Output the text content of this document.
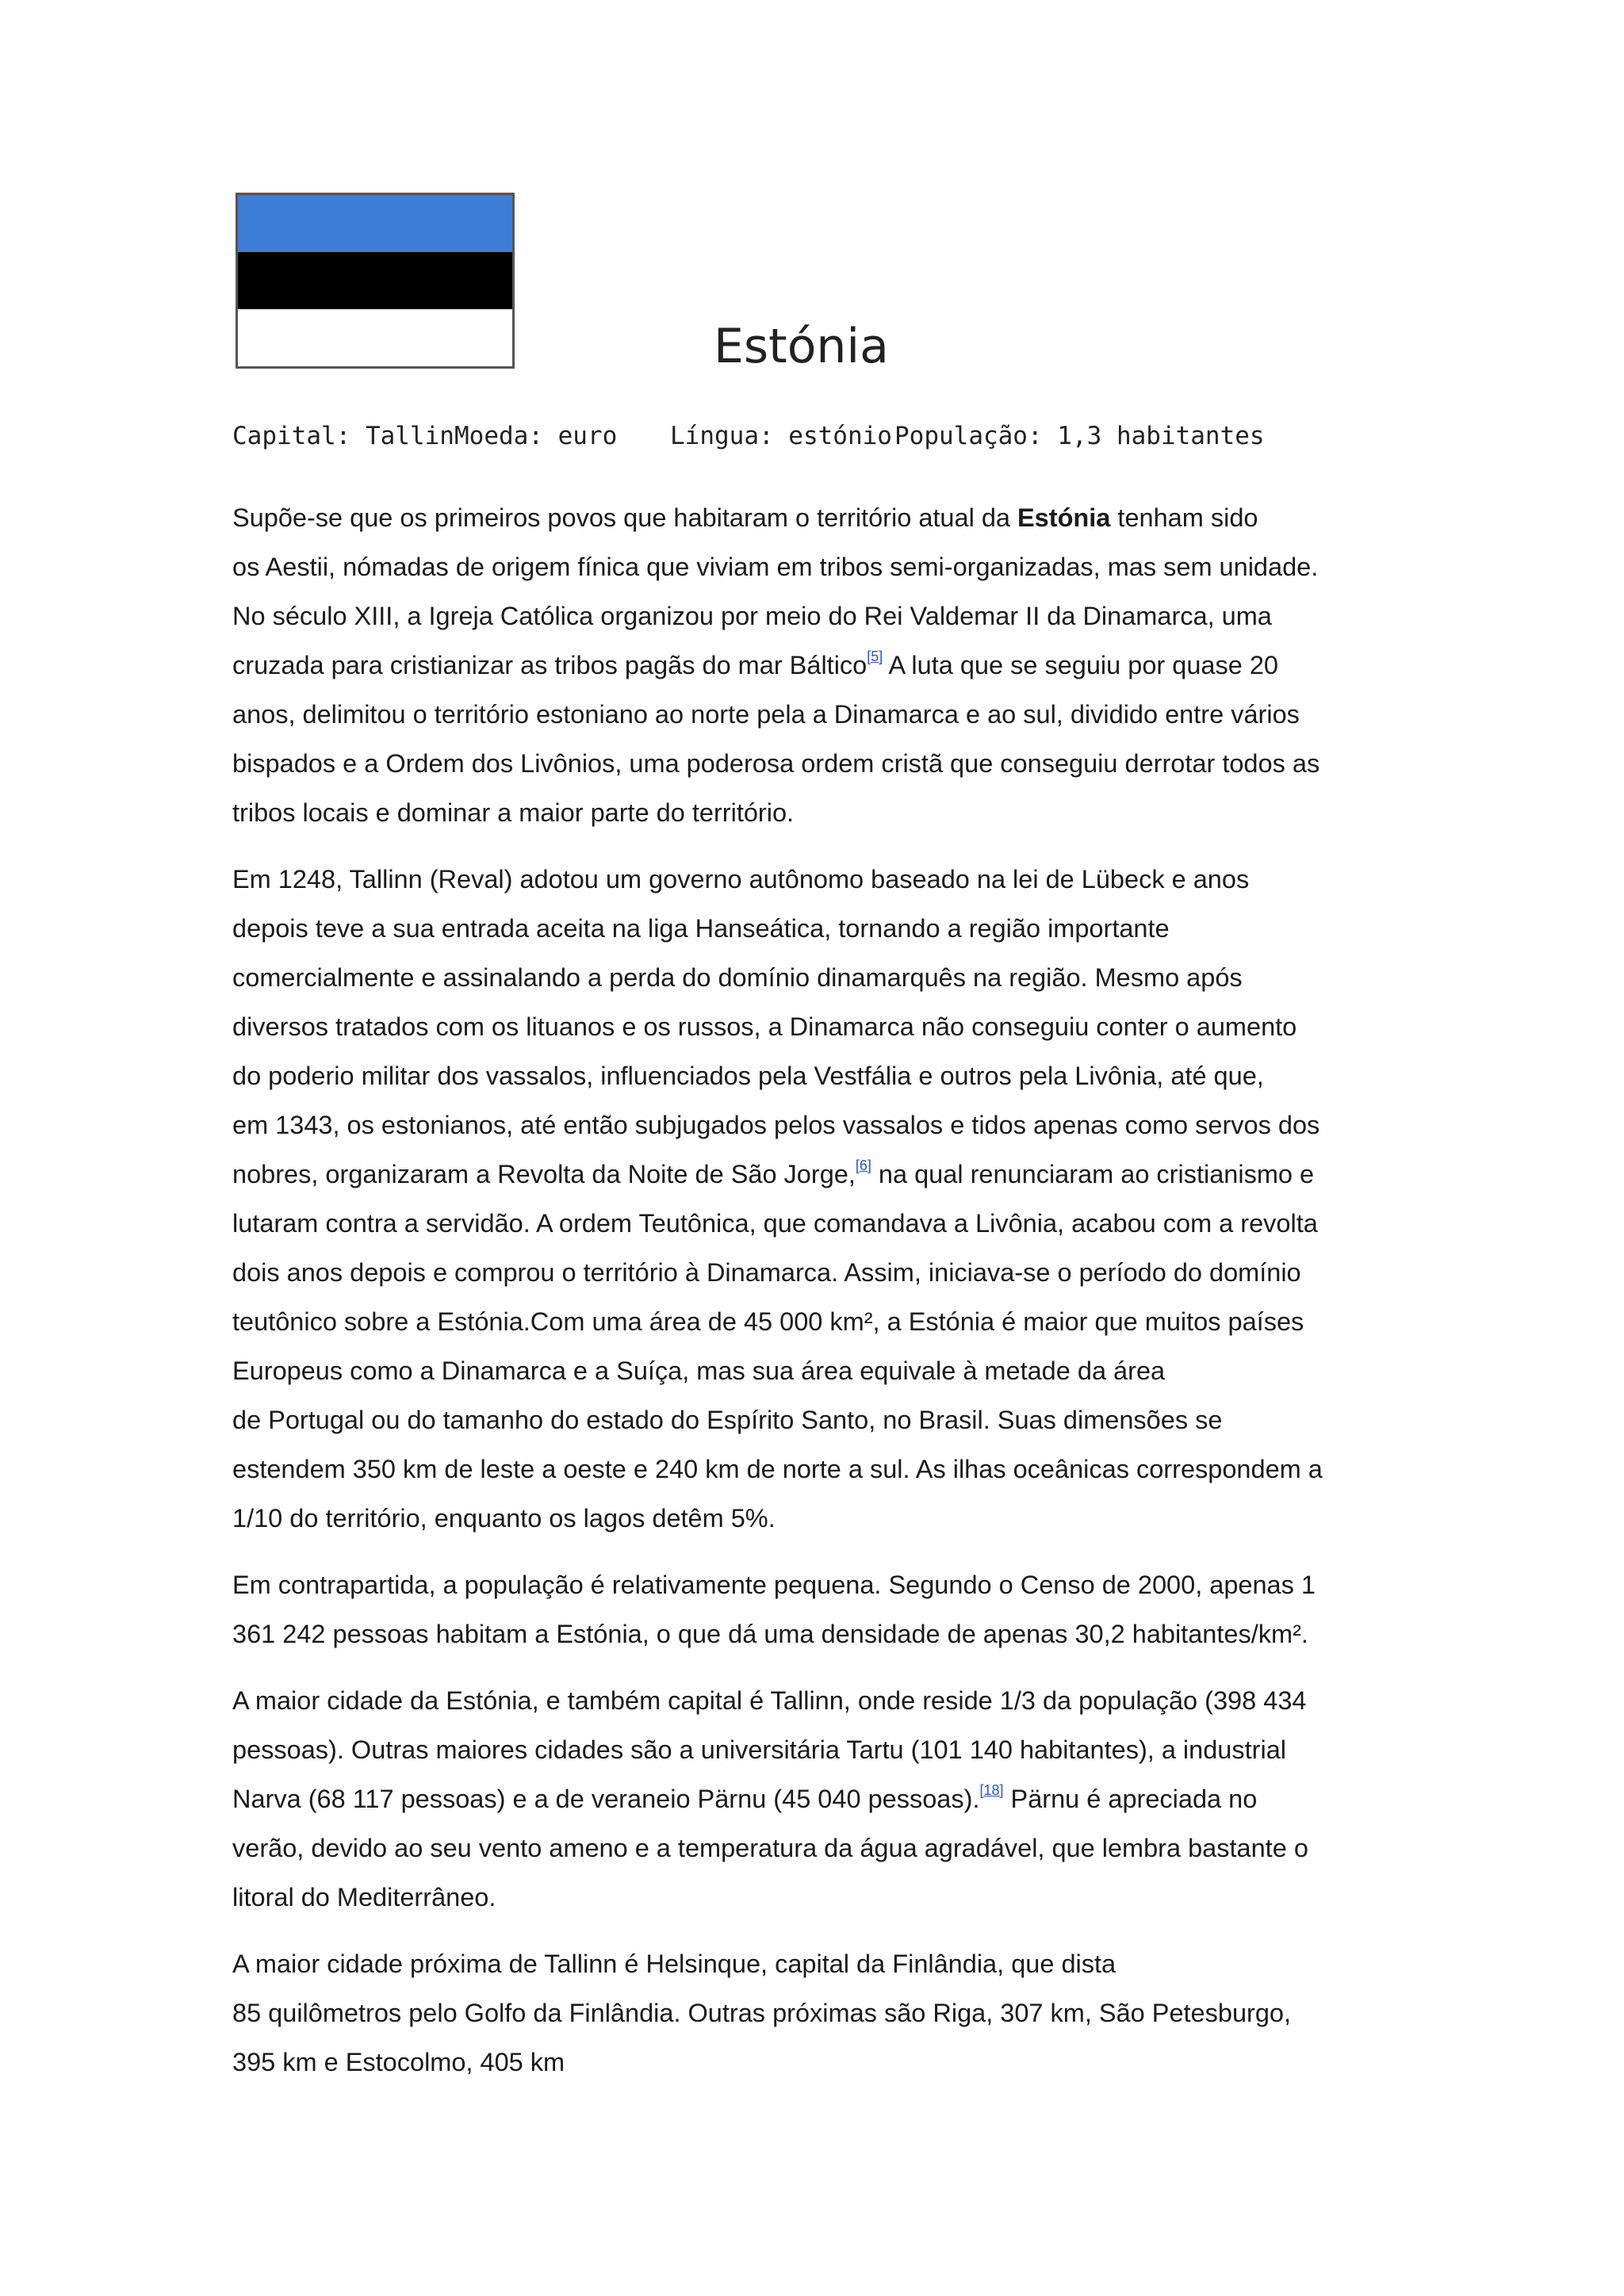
Estónia
Capital: TallinMoeda: euro Língua: estónioPopulação: 1,3 habitantes
Supõe-se que os primeiros povos que habitaram o território atual da Estónia tenham sido
os Aestii, nómadas de origem fínica que viviam em tribos semi-organizadas, mas sem unidade.
No século XIII, a Igreja Católica organizou por meio do Rei Valdemar II da Dinamarca, uma
cruzada para cristianizar as tribos pagãs do mar Báltico[5] A luta que se seguiu por quase 20
anos, delimitou o território estoniano ao norte pela a Dinamarca e ao sul, dividido entre vários
bispados e a Ordem dos Livônios, uma poderosa ordem cristã que conseguiu derrotar todos as
tribos locais e dominar a maior parte do território.
Em 1248, Tallinn (Reval) adotou um governo autônomo baseado na lei de Lübeck e anos
depois teve a sua entrada aceita na liga Hanseática, tornando a região importante
comercialmente e assinalando a perda do domínio dinamarquês na região. Mesmo após
diversos tratados com os lituanos e os russos, a Dinamarca não conseguiu conter o aumento
do poderio militar dos vassalos, influenciados pela Vestfália e outros pela Livônia, até que,
em 1343, os estonianos, até então subjugados pelos vassalos e tidos apenas como servos dos
nobres, organizaram a Revolta da Noite de São Jorge,[6] na qual renunciaram ao cristianismo e
lutaram contra a servidão. A ordem Teutônica, que comandava a Livônia, acabou com a revolta
dois anos depois e comprou o território à Dinamarca. Assim, iniciava-se o período do domínio
teutônico sobre a Estónia.Com uma área de 45 000 km², a Estónia é maior que muitos países
Europeus como a Dinamarca e a Suíça, mas sua área equivale à metade da área
de Portugal ou do tamanho do estado do Espírito Santo, no Brasil. Suas dimensões se
estendem 350 km de leste a oeste e 240 km de norte a sul. As ilhas oceânicas correspondem a
1/10 do território, enquanto os lagos detêm 5%.
Em contrapartida, a população é relativamente pequena. Segundo o Censo de 2000, apenas 1
361 242 pessoas habitam a Estónia, o que dá uma densidade de apenas 30,2 habitantes/km².
A maior cidade da Estónia, e também capital é Tallinn, onde reside 1/3 da população (398 434
pessoas). Outras maiores cidades são a universitária Tartu (101 140 habitantes), a industrial
Narva (68 117 pessoas) e a de veraneio Pärnu (45 040 pessoas).[18] Pärnu é apreciada no
verão, devido ao seu vento ameno e a temperatura da água agradável, que lembra bastante o
litoral do Mediterrâneo.
A maior cidade próxima de Tallinn é Helsinque, capital da Finlândia, que dista
85 quilômetros pelo Golfo da Finlândia. Outras próximas são Riga, 307 km, São Petesburgo,
395 km e Estocolmo, 405 km
